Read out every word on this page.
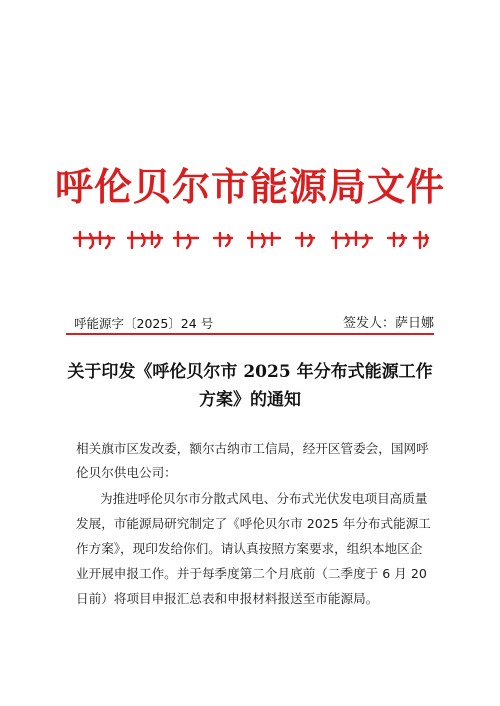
呼伦贝尔市能源局文件
呼能源字〔2025〕24 号	签发人：萨日娜
关于印发《呼伦贝尔市 2025 年分布式能源工作
方案》的通知
相关旗市区发改委，额尔古纳市工信局，经开区管委会，国网呼
伦贝尔供电公司：
为推进呼伦贝尔市分散式风电、分布式光伏发电项目高质量
发展，市能源局研究制定了《呼伦贝尔市 2025 年分布式能源工
作方案》，现印发给你们。请认真按照方案要求，组织本地区企
业开展申报工作。并于每季度第二个月底前（二季度于 6 月 20
日前）将项目申报汇总表和申报材料报送至市能源局。
